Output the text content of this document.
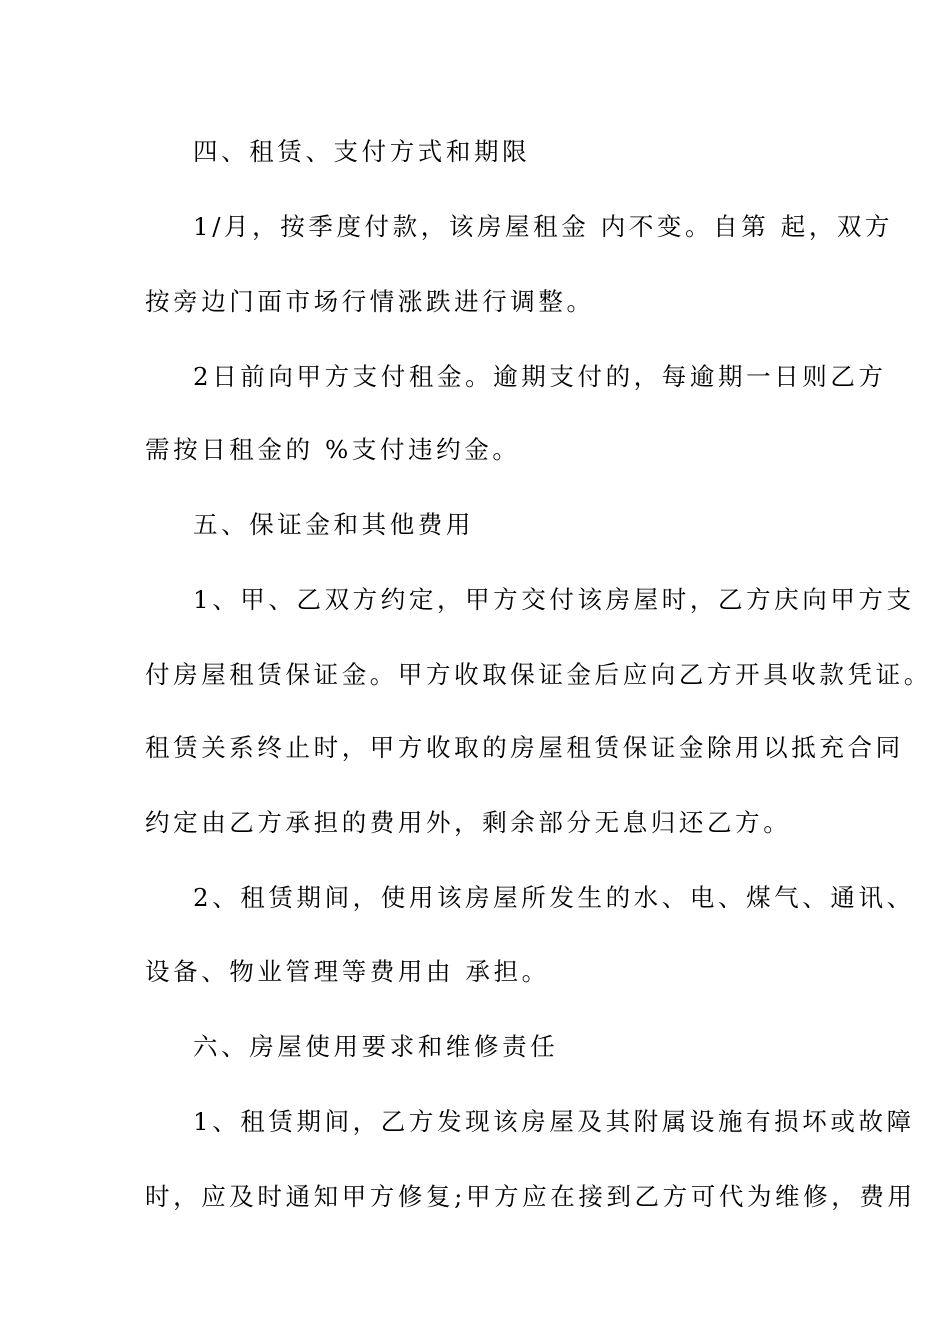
四、租赁、支付方式和期限

1/月，按季度付款，该房屋租金 内不变。自第 起，双方

按旁边门面市场行情涨跌进行调整。

2日前向甲方支付租金。逾期支付的，每逾期一日则乙方

需按日租金的 %支付违约金。

五、保证金和其他费用

1、甲、乙双方约定，甲方交付该房屋时，乙方庆向甲方支

付房屋租赁保证金。甲方收取保证金后应向乙方开具收款凭证。

租赁关系终止时，甲方收取的房屋租赁保证金除用以抵充合同

约定由乙方承担的费用外，剩余部分无息归还乙方。

2、租赁期间，使用该房屋所发生的水、电、煤气、通讯、

设备、物业管理等费用由 承担。

六、房屋使用要求和维修责任

1、租赁期间，乙方发现该房屋及其附属设施有损坏或故障

时，应及时通知甲方修复;甲方应在接到乙方可代为维修，费用
